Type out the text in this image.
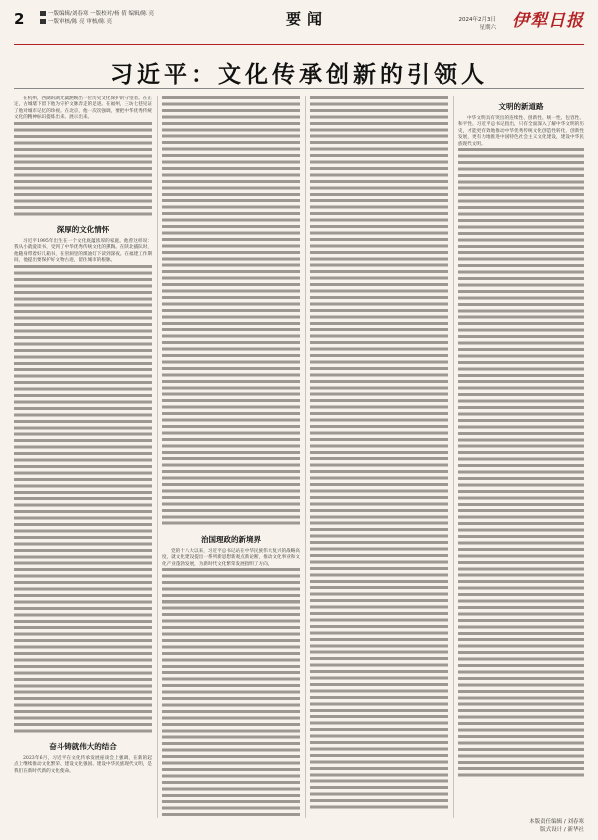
2	一版编辑/刘春寒 一版校对/杨 倩 编辑/陈 亮
一版审核/陈 亮 审核/陈 亮	要闻	2024年2月3日
星期六 伊犁日报
习近平：文化传承创新的引领人

在杭州，西湖的湖光潋滟映出一位历史文化保护的守望者。在正定，古城墙下留下他为守护文脉奔走的足迹。在福州，三坊七巷见证了他对城市记忆的珍视。在北京，他一次次强调，要把中华优秀传统文化的精神标识提炼出来、展示出来。

深厚的文化情怀

习近平1995年出生在一个文化底蕴浓厚的家庭。他曾这样说：我从小就爱读书，受到了中华优秀传统文化的熏陶。在陕北插队时，他随身带着好几箱书，在窑洞里的煤油灯下读到深夜。在福建工作期间，他提出要保护好文物古迹，留住城市的根脉。

奋斗铸就伟大的结合

2023年6月，习近平在文化传承发展座谈会上强调，在新的起点上继续推动文化繁荣、建设文化强国、建设中华民族现代文明，是我们在新时代新的文化使命。

治国理政的新境界

党的十八大以来，习近平总书记站在中华民族伟大复兴的战略高度，就文化建设提出一系列新思想新观点新论断，推动文化事业和文化产业蓬勃发展，为新时代文化繁荣发展指明了方向。

文明的新道路

中华文明具有突出的连续性、创新性、统一性、包容性、和平性。习近平总书记指出，只有全面深入了解中华文明的历史，才能更有效地推动中华优秀传统文化创造性转化、创新性发展，更有力地推进中国特色社会主义文化建设，建设中华民族现代文明。

本版责任编辑 / 刘春寒
版式设计 / 新华社
